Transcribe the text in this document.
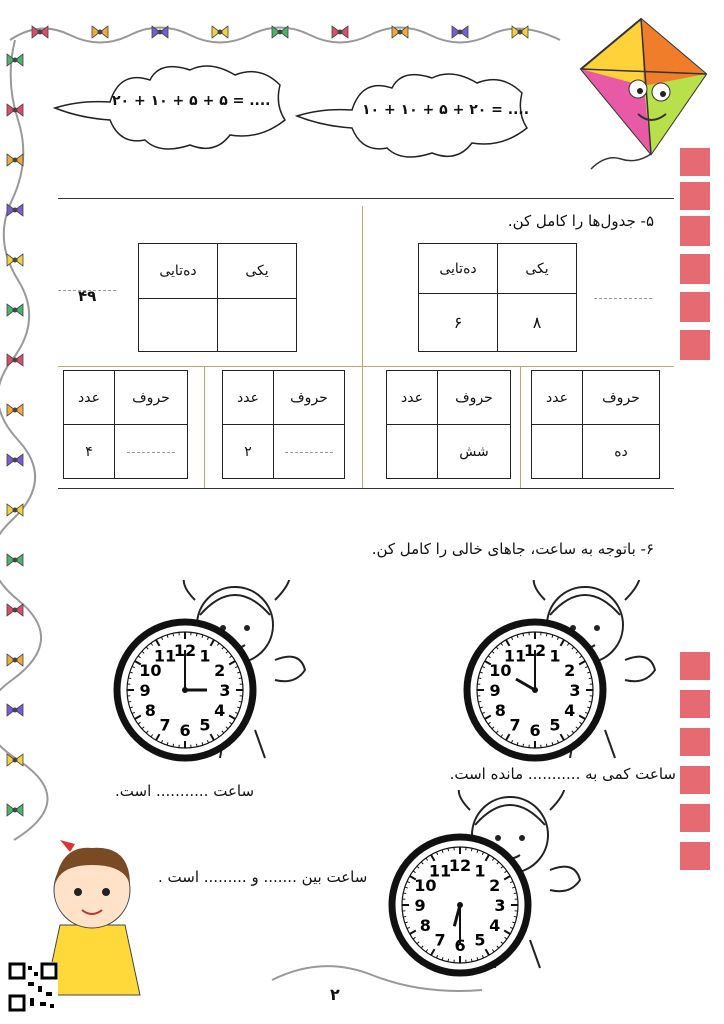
.... = ۵ + ۵ + ۱۰ + ۲۰
.... = ۲۰ + ۵ + ۱۰ + ۱۰
۵- جدول‌ها را کامل کن.
ده‌تایی	یکی
۶	۸
ده‌تایی	یکی

۴۹
حروف	عدد
ده	
حروف	عدد
شش	
حروف	عدد
	۲
حروف	عدد
	۴
۶- باتوجه به ساعت، جاهای خالی را کامل کن.
12 1
2
3
4
5
6
7
8
9
10
11
12 1
2
3
4
5
6
7
8
9
10
11
12 1
2
3
4
5
6
7
8
9
10
11
ساعت کمی به ........... مانده است.
ساعت ........... است.
ساعت بین ....... و ......... است .
۲
